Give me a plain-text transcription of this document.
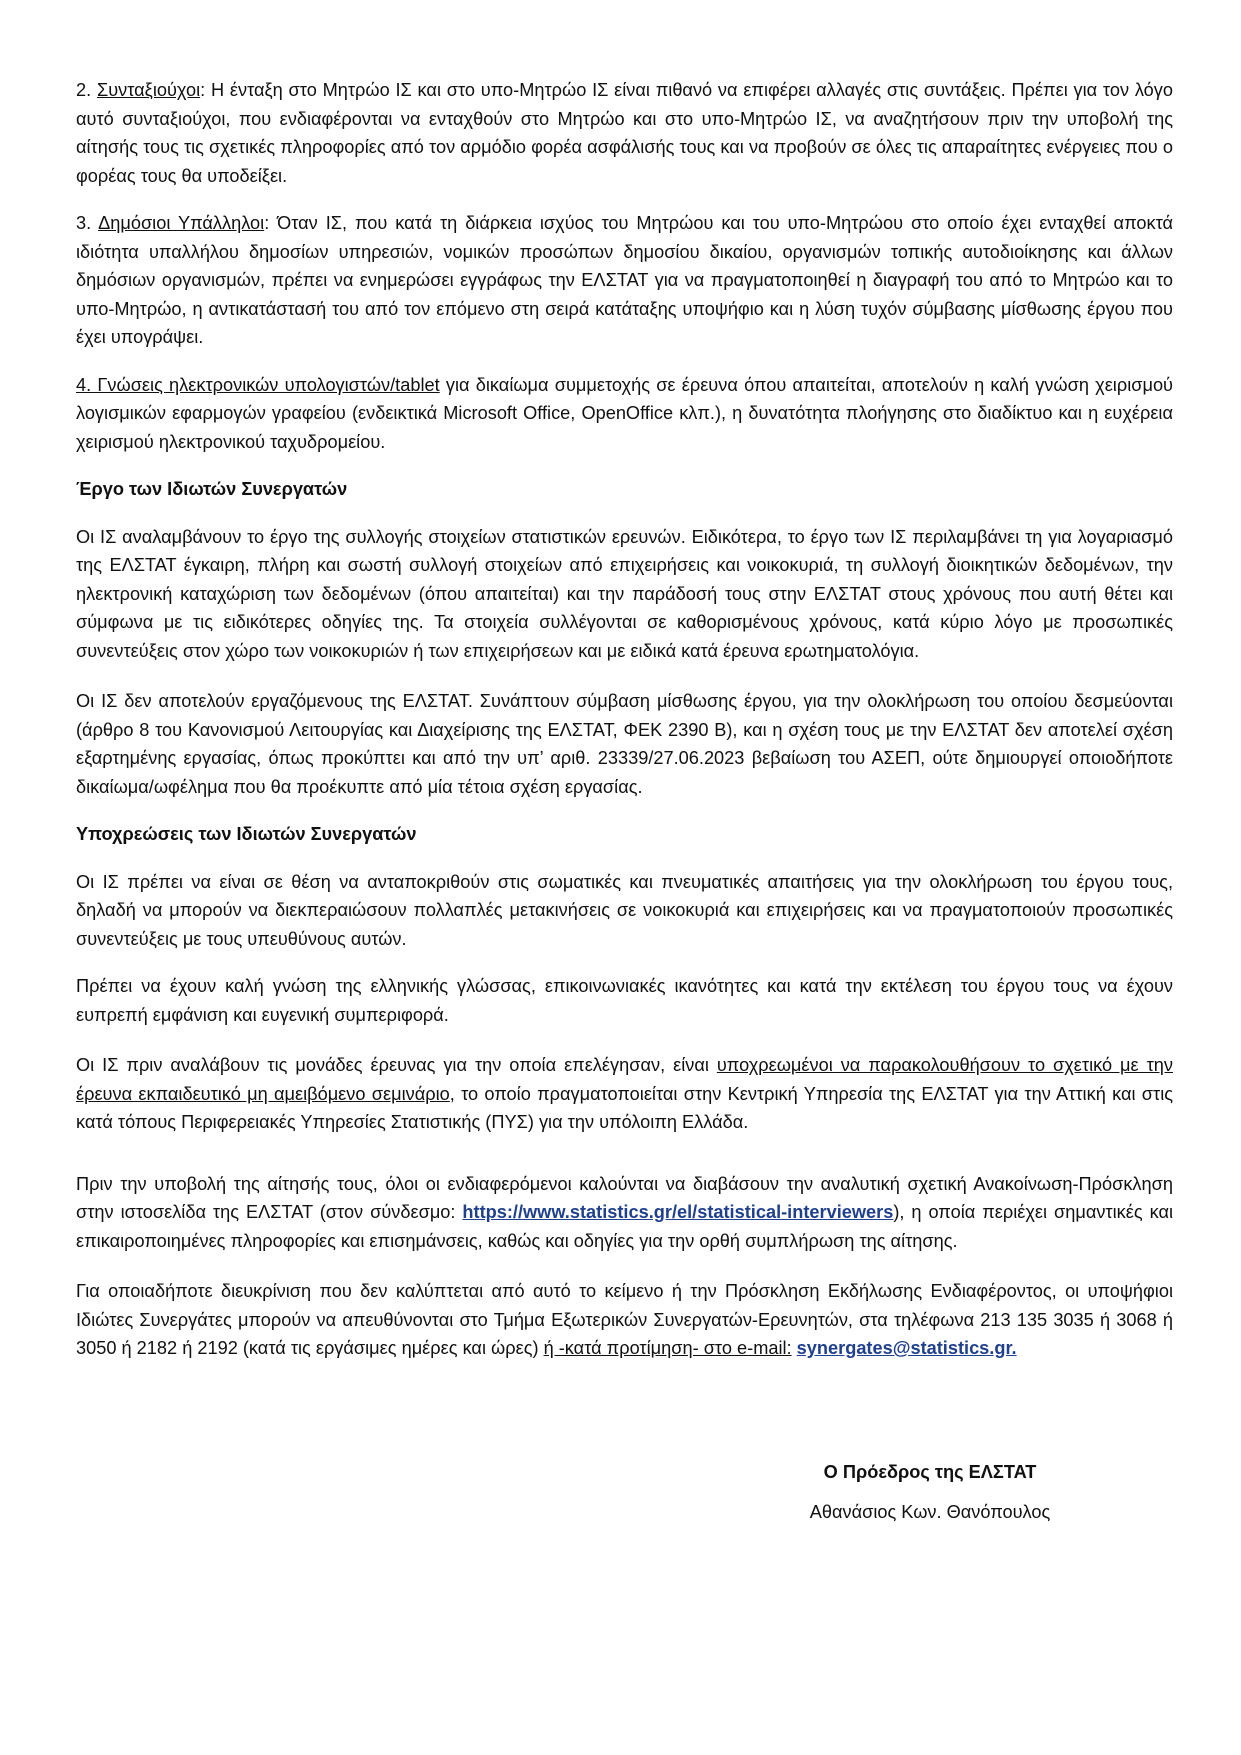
2. Συνταξιούχοι: Η ένταξη στο Μητρώο ΙΣ και στο υπο-Μητρώο ΙΣ είναι πιθανό να επιφέρει αλλαγές στις συντάξεις. Πρέπει για τον λόγο αυτό συνταξιούχοι, που ενδιαφέρονται να ενταχθούν στο Μητρώο και στο υπο-Μητρώο ΙΣ, να αναζητήσουν πριν την υποβολή της αίτησής τους τις σχετικές πληροφορίες από τον αρμόδιο φορέα ασφάλισής τους και να προβούν σε όλες τις απαραίτητες ενέργειες που ο φορέας τους θα υποδείξει.

3. Δημόσιοι Υπάλληλοι: Όταν ΙΣ, που κατά τη διάρκεια ισχύος του Μητρώου και του υπο-Μητρώου στο οποίο έχει ενταχθεί αποκτά ιδιότητα υπαλλήλου δημοσίων υπηρεσιών, νομικών προσώπων δημοσίου δικαίου, οργανισμών τοπικής αυτοδιοίκησης και άλλων δημόσιων οργανισμών, πρέπει να ενημερώσει εγγράφως την ΕΛΣΤΑΤ για να πραγματοποιηθεί η διαγραφή του από το Μητρώο και το υπο-Μητρώο, η αντικατάστασή του από τον επόμενο στη σειρά κατάταξης υποψήφιο και η λύση τυχόν σύμβασης μίσθωσης έργου που έχει υπογράψει.

4. Γνώσεις ηλεκτρονικών υπολογιστών/tablet για δικαίωμα συμμετοχής σε έρευνα όπου απαιτείται, αποτελούν η καλή γνώση χειρισμού λογισμικών εφαρμογών γραφείου (ενδεικτικά Microsoft Office, OpenOffice κλπ.), η δυνατότητα πλοήγησης στο διαδίκτυο και η ευχέρεια χειρισμού ηλεκτρονικού ταχυδρομείου.

Έργο των Ιδιωτών Συνεργατών

Οι ΙΣ αναλαμβάνουν το έργο της συλλογής στοιχείων στατιστικών ερευνών. Ειδικότερα, το έργο των ΙΣ περιλαμβάνει τη για λογαριασμό της ΕΛΣΤΑΤ έγκαιρη, πλήρη και σωστή συλλογή στοιχείων από επιχειρήσεις και νοικοκυριά, τη συλλογή διοικητικών δεδομένων, την ηλεκτρονική καταχώριση των δεδομένων (όπου απαιτείται) και την παράδοσή τους στην ΕΛΣΤΑΤ στους χρόνους που αυτή θέτει και σύμφωνα με τις ειδικότερες οδηγίες της. Τα στοιχεία συλλέγονται σε καθορισμένους χρόνους, κατά κύριο λόγο με προσωπικές συνεντεύξεις στον χώρο των νοικοκυριών ή των επιχειρήσεων και με ειδικά κατά έρευνα ερωτηματολόγια.

Οι ΙΣ δεν αποτελούν εργαζόμενους της ΕΛΣΤΑΤ. Συνάπτουν σύμβαση μίσθωσης έργου, για την ολοκλήρωση του οποίου δεσμεύονται (άρθρο 8 του Κανονισμού Λειτουργίας και Διαχείρισης της ΕΛΣΤΑΤ, ΦΕΚ 2390 Β), και η σχέση τους με την ΕΛΣΤΑΤ δεν αποτελεί σχέση εξαρτημένης εργασίας, όπως προκύπτει και από την υπ’ αριθ. 23339/27.06.2023 βεβαίωση του ΑΣΕΠ, ούτε δημιουργεί οποιοδήποτε δικαίωμα/ωφέλημα που θα προέκυπτε από μία τέτοια σχέση εργασίας.

Υποχρεώσεις των Ιδιωτών Συνεργατών

Οι ΙΣ πρέπει να είναι σε θέση να ανταποκριθούν στις σωματικές και πνευματικές απαιτήσεις για την ολοκλήρωση του έργου τους, δηλαδή να μπορούν να διεκπεραιώσουν πολλαπλές μετακινήσεις σε νοικοκυριά και επιχειρήσεις και να πραγματοποιούν προσωπικές συνεντεύξεις με τους υπευθύνους αυτών.

Πρέπει να έχουν καλή γνώση της ελληνικής γλώσσας, επικοινωνιακές ικανότητες και κατά την εκτέλεση του έργου τους να έχουν ευπρεπή εμφάνιση και ευγενική συμπεριφορά.

Οι ΙΣ πριν αναλάβουν τις μονάδες έρευνας για την οποία επελέγησαν, είναι υποχρεωμένοι να παρακολουθήσουν το σχετικό με την έρευνα εκπαιδευτικό μη αμειβόμενο σεμινάριο, το οποίο πραγματοποιείται στην Κεντρική Υπηρεσία της ΕΛΣΤΑΤ για την Αττική και στις κατά τόπους Περιφερειακές Υπηρεσίες Στατιστικής (ΠΥΣ) για την υπόλοιπη Ελλάδα.

Πριν την υποβολή της αίτησής τους, όλοι οι ενδιαφερόμενοι καλούνται να διαβάσουν την αναλυτική σχετική Ανακοίνωση-Πρόσκληση στην ιστοσελίδα της ΕΛΣΤΑΤ (στον σύνδεσμο: https://www.statistics.gr/el/statistical-interviewers), η οποία περιέχει σημαντικές και επικαιροποιημένες πληροφορίες και επισημάνσεις, καθώς και οδηγίες για την ορθή συμπλήρωση της αίτησης.

Για οποιαδήποτε διευκρίνιση που δεν καλύπτεται από αυτό το κείμενο ή την Πρόσκληση Εκδήλωσης Ενδιαφέροντος, οι υποψήφιοι Ιδιώτες Συνεργάτες μπορούν να απευθύνονται στο Τμήμα Εξωτερικών Συνεργατών-Ερευνητών, στα τηλέφωνα 213 135 3035 ή 3068 ή 3050 ή 2182 ή 2192 (κατά τις εργάσιμες ημέρες και ώρες) ή -κατά προτίμηση- στο e-mail: synergates@statistics.gr.

Ο Πρόεδρος της ΕΛΣΤΑΤ
Αθανάσιος Κων. Θανόπουλος
